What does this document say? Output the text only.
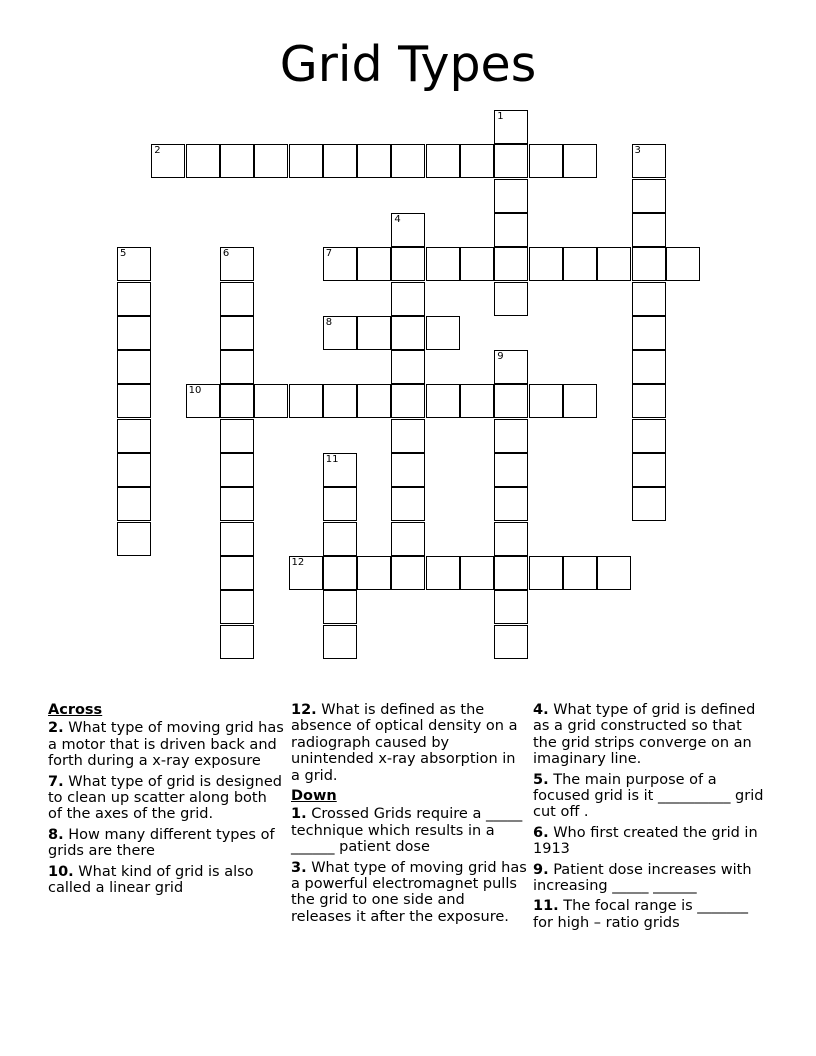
Grid Types
1
2	3
4
5	6	7
8
9
10
11
12
Across
2. What type of moving grid has a motor that is driven back and forth during a x-ray exposure
7. What type of grid is designed to clean up scatter along both of the axes of the grid.
8. How many different types of grids are there
10. What kind of grid is also called a linear grid
12. What is defined as the absence of optical density on a radiograph caused by unintended x-ray absorption in a grid.
Down
1. Crossed Grids require a _____ technique which results in a ______ patient dose
3. What type of moving grid has a powerful electromagnet pulls the grid to one side and releases it after the exposure.
4. What type of grid is defined as a grid constructed so that the grid strips converge on an imaginary line.
5. The main purpose of a focused grid is it __________ grid cut off .
6. Who first created the grid in 1913
9. Patient dose increases with increasing _____ ______
11. The focal range is _______ for high – ratio grids
